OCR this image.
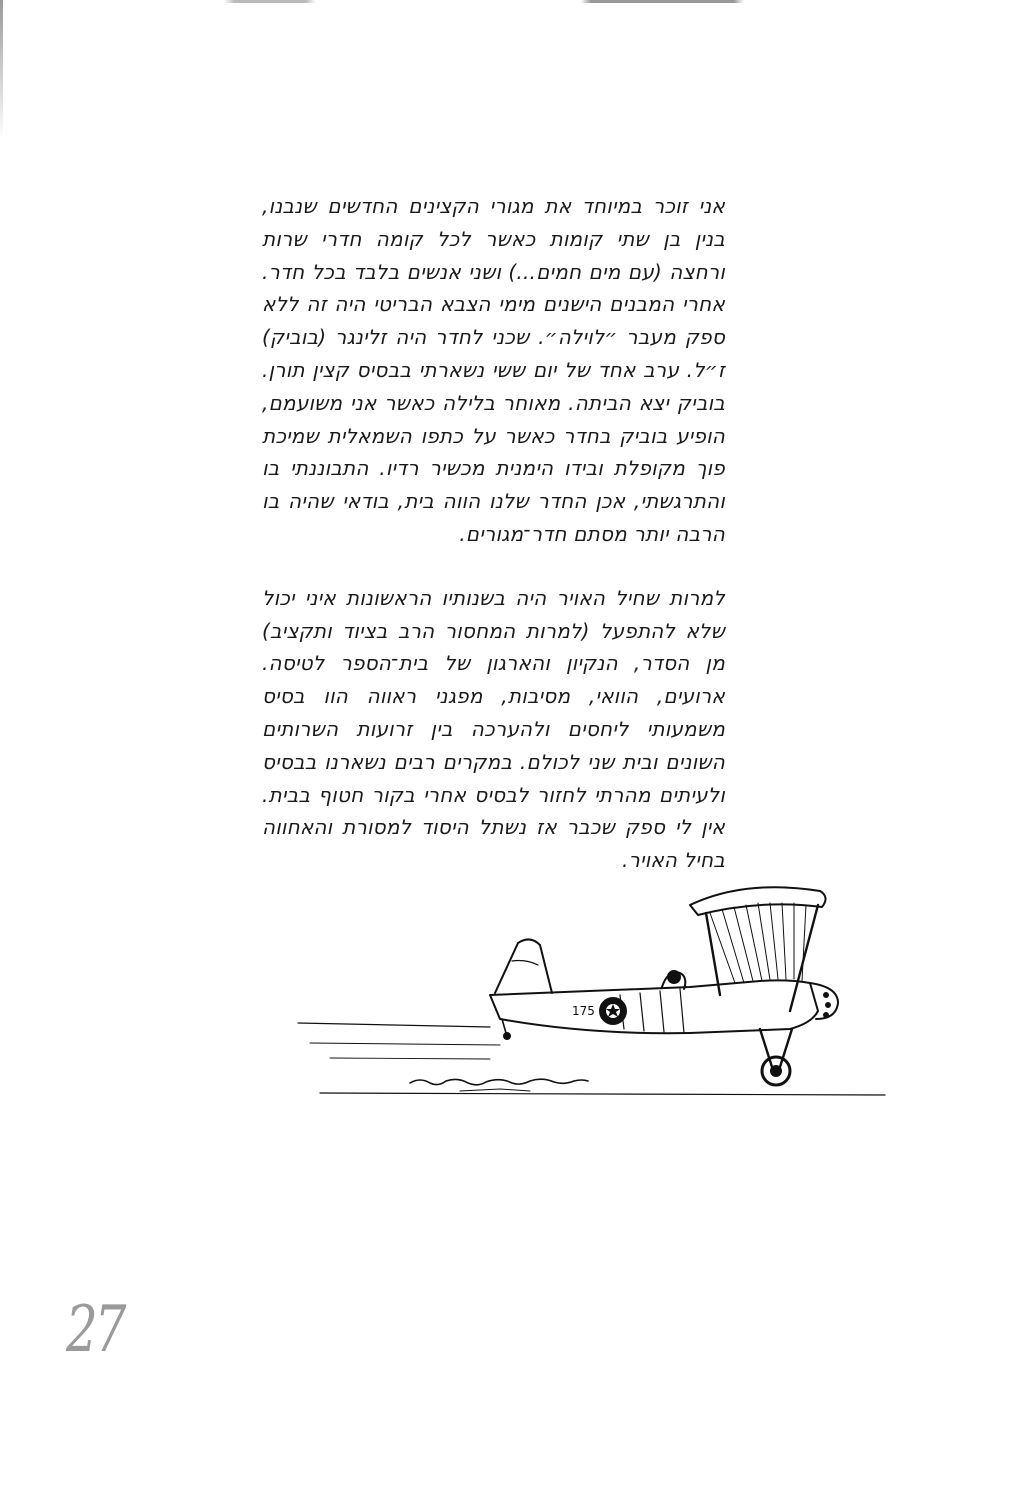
אני זוכר במיוחד את מגורי הקצינים החדשים שנבנו, בנין בן שתי קומות כאשר לכל קומה חדרי שרות ורחצה (עם מים חמים...) ושני אנשים בלבד בכל חדר. אחרי המבנים הישנים מימי הצבא הבריטי היה זה ללא ספק מעבר ״לוילה״. שכני לחדר היה זלינגר (בוביק) ז״ל. ערב אחד של יום ששי נשארתי בבסיס קצין תורן. בוביק יצא הביתה. מאוחר בלילה כאשר אני משועמם, הופיע בוביק בחדר כאשר על כתפו השמאלית שמיכת פוך מקופלת ובידו הימנית מכשיר רדיו. התבוננתי בו והתרגשתי, אכן החדר שלנו הווה בית, בודאי שהיה בו הרבה יותר מסתם חדר־מגורים.

למרות שחיל האויר היה בשנותיו הראשונות איני יכול שלא להתפעל (למרות המחסור הרב בציוד ותקציב) מן הסדר, הנקיון והארגון של בית־הספר לטיסה. ארועים, הוואי, מסיבות, מפגני ראווה הוו בסיס משמעותי ליחסים ולהערכה בין זרועות השרותים השונים ובית שני לכולם. במקרים רבים נשארנו בבסיס ולעיתים מהרתי לחזור לבסיס אחרי בקור חטוף בבית. אין לי ספק שכבר אז נשתל היסוד למסורת והאחווה בחיל האויר.

175
27
